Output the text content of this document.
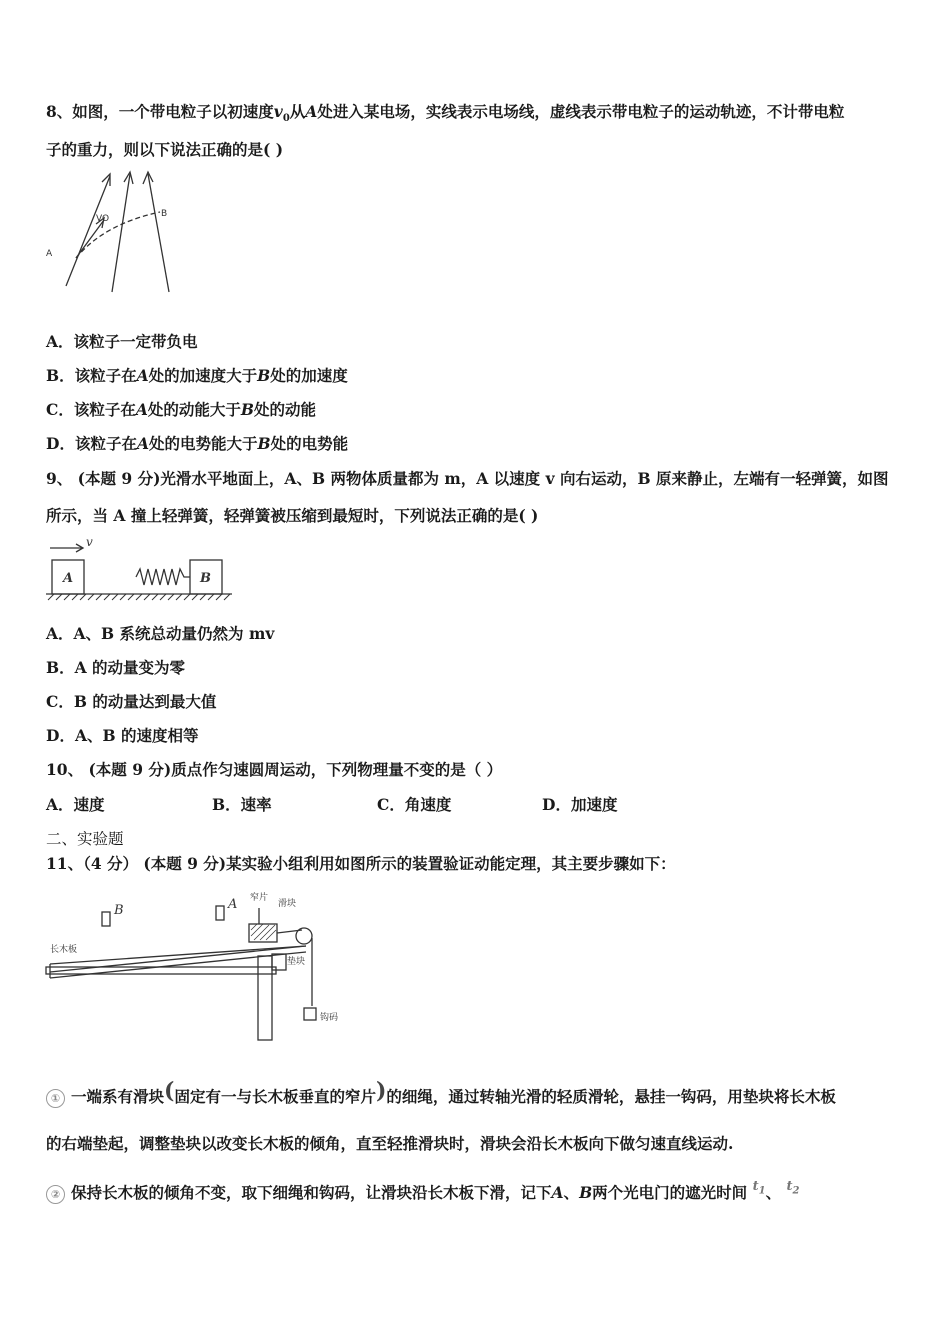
8、如图，一个带电粒子以初速度$v_0$从A处进入某电场，实线表示电场线，虚线表示带电粒子的运动轨迹，不计带电粒
子的重力，则以下说法正确的是( )
A
B
VO
A．该粒子一定带负电
B．该粒子在A处的加速度大于B处的加速度
C．该粒子在A处的动能大于B处的动能
D．该粒子在A处的电势能大于B处的电势能
9、 (本题 9 分)光滑水平地面上，A、B 两物体质量都为 m，A 以速度 v 向右运动，B 原来静止，左端有一轻弹簧，如图
所示，当 A 撞上轻弹簧，轻弹簧被压缩到最短时，下列说法正确的是( )
v
A	B
A．A、B 系统总动量仍然为 mv
B．A 的动量变为零
C．B 的动量达到最大值
D．A、B 的速度相等
10、 (本题 9 分)质点作匀速圆周运动，下列物理量不变的是（ ）
A．速度	B．速率	C．角速度	D．加速度
二、实验题
11、（4 分） (本题 9 分)某实验小组利用如图所示的装置验证动能定理，其主要步骤如下：
B	A 窄片
滑块
长木板
垫块
钩码
① 一端系有滑块(固定有一与长木板垂直的窄片)的细绳，通过转轴光滑的轻质滑轮，悬挂一钩码，用垫块将长木板
的右端垫起，调整垫块以改变长木板的倾角，直至轻推滑块时，滑块会沿长木板向下做匀速直线运动.
② 保持长木板的倾角不变，取下细绳和钩码，让滑块沿长木板下滑，记下A、B两个光电门的遮光时间 $^{t_1}$、 $^{t_2}$
